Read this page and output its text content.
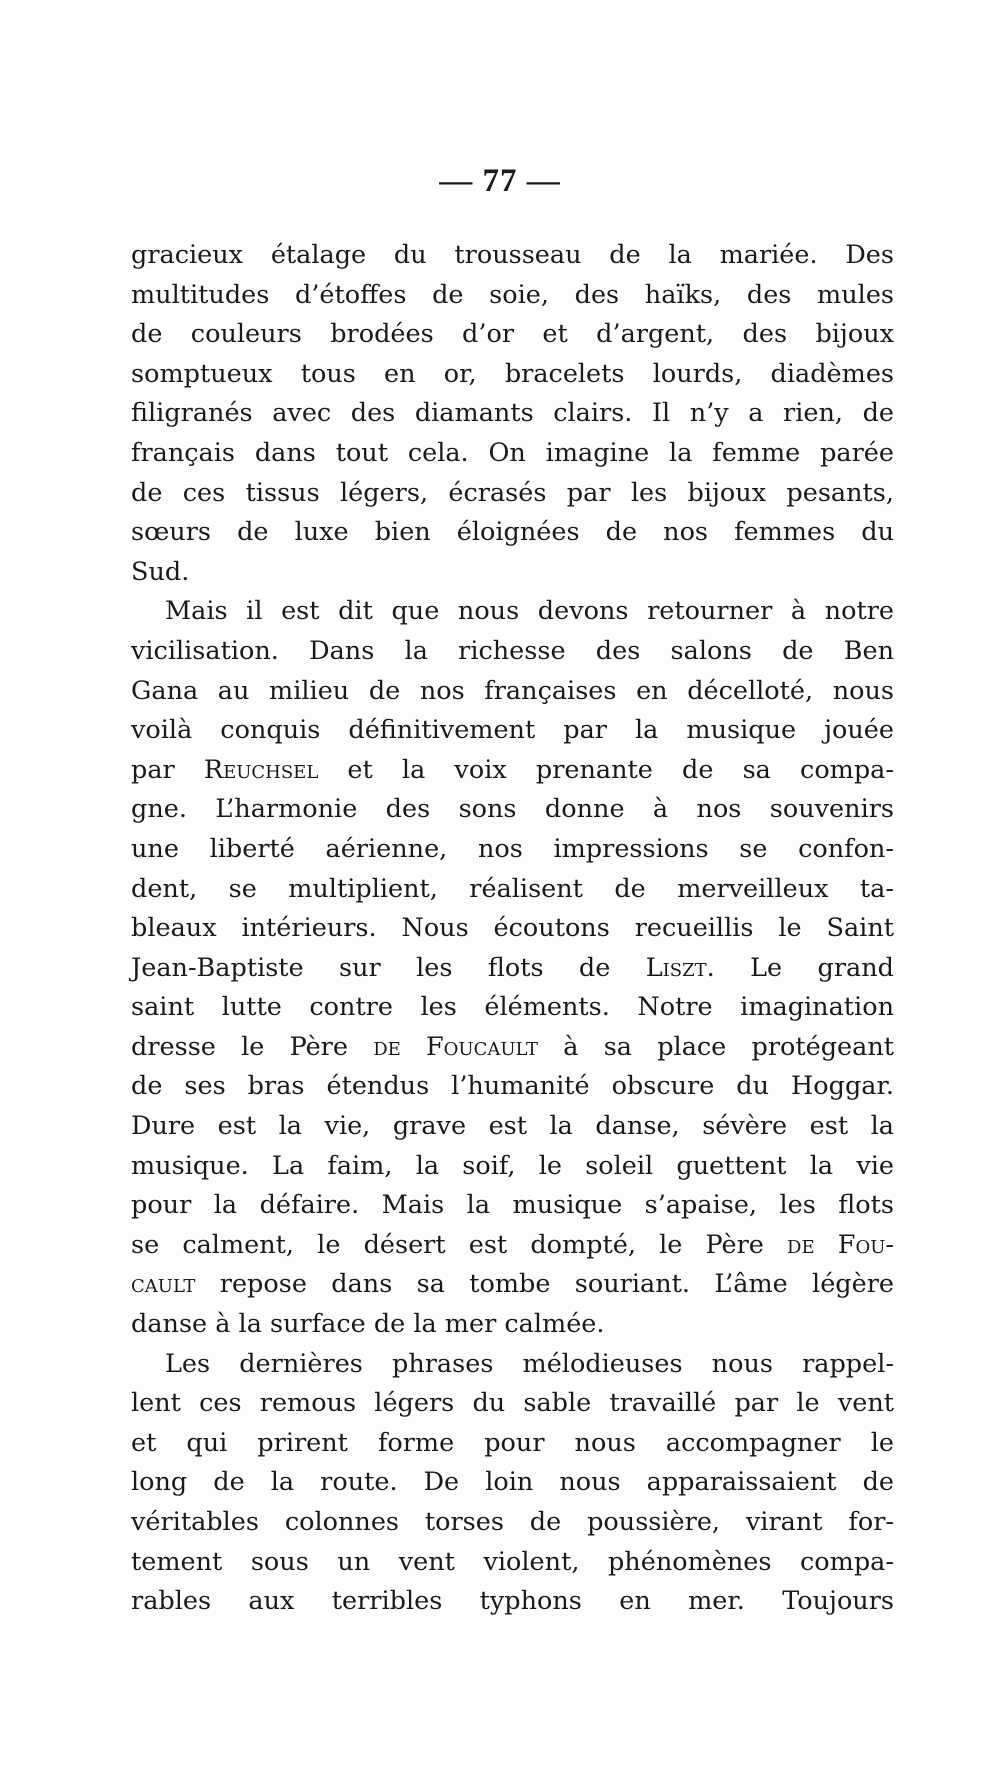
— 77 —
gracieux étalage du trousseau de la mariée. Des
multitudes d’étoffes de soie, des haïks, des mules
de couleurs brodées d’or et d’argent, des bijoux
somptueux tous en or, bracelets lourds, diadèmes
filigranés avec des diamants clairs. Il n’y a rien, de
français dans tout cela. On imagine la femme parée
de ces tissus légers, écrasés par les bijoux pesants,
sœurs de luxe bien éloignées de nos femmes du
Sud.
Mais il est dit que nous devons retourner à notre
vicilisation. Dans la richesse des salons de Ben
Gana au milieu de nos françaises en décelloté, nous
voilà conquis définitivement par la musique jouée
par Reuchsel et la voix prenante de sa compa-
gne. L’harmonie des sons donne à nos souvenirs
une liberté aérienne, nos impressions se confon-
dent, se multiplient, réalisent de merveilleux ta-
bleaux intérieurs. Nous écoutons recueillis le Saint
Jean-Baptiste sur les flots de Liszt. Le grand
saint lutte contre les éléments. Notre imagination
dresse le Père de Foucault à sa place protégeant
de ses bras étendus l’humanité obscure du Hoggar.
Dure est la vie, grave est la danse, sévère est la
musique. La faim, la soif, le soleil guettent la vie
pour la défaire. Mais la musique s’apaise, les flots
se calment, le désert est dompté, le Père de Fou-
cault repose dans sa tombe souriant. L’âme légère
danse à la surface de la mer calmée.
Les dernières phrases mélodieuses nous rappel-
lent ces remous légers du sable travaillé par le vent
et qui prirent forme pour nous accompagner le
long de la route. De loin nous apparaissaient de
véritables colonnes torses de poussière, virant for-
tement sous un vent violent, phénomènes compa-
rables aux terribles typhons en mer. Toujours
